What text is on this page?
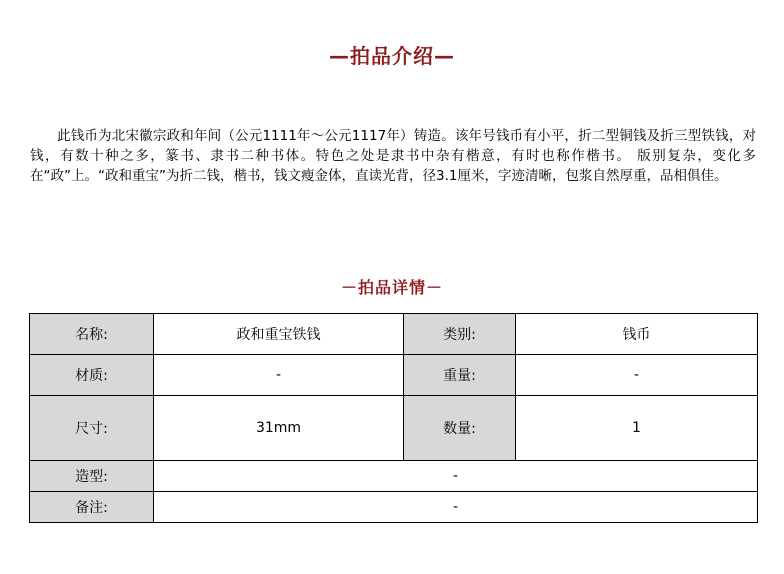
—拍品介绍—

此钱币为北宋徽宗政和年间（公元1111年～公元1117年）铸造。该年号钱币有小平，折二型铜钱及折三型铁钱，对钱，有数十种之多，篆书、隶书二种书体。特色之处是隶书中杂有楷意，有时也称作楷书。 版别复杂，变化多在“政”上。“政和重宝”为折二钱，楷书，钱文瘦金体，直读光背，径3.1厘米，字迹清晰，包浆自然厚重，品相俱佳。

－拍品详情－
名称:	政和重宝铁钱	类别:	钱币
材质:	-	重量:	-
尺寸:	31mm	数量:	1
造型:	-		
备注:	-		
